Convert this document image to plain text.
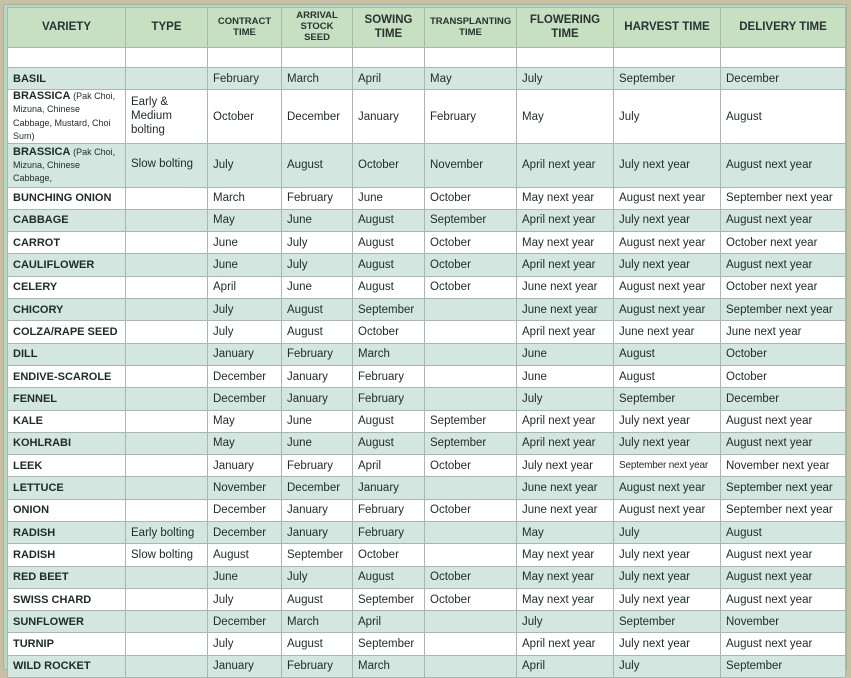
VARIETY	TYPE	CONTRACT TIME	ARRIVAL STOCK SEED	SOWING TIME	TRANSPLANTING TIME	FLOWERING TIME	HARVEST TIME	DELIVERY TIME

BASIL		February	March	April	May	July	September	December
BRASSICA (Pak Choi, Mizuna, Chinese Cabbage, Mustard, Choi Sum)	Early & Medium bolting	October	December	January	February	May	July	August
BRASSICA (Pak Choi, Mizuna, Chinese Cabbage,	Slow bolting	July	August	October	November	April next year	July next year	August next year
BUNCHING ONION		March	February	June	October	May next year	August next year	September next year
CABBAGE		May	June	August	September	April next year	July next year	August next year
CARROT		June	July	August	October	May next year	August next year	October next year
CAULIFLOWER		June	July	August	October	April next year	July next year	August next year
CELERY		April	June	August	October	June next year	August next year	October next year
CHICORY		July	August	September		June next year	August next year	September next year
COLZA/RAPE SEED		July	August	October		April next year	June next year	June next year
DILL		January	February	March		June	August	October
ENDIVE-SCAROLE		December	January	February		June	August	October
FENNEL		December	January	February		July	September	December
KALE		May	June	August	September	April next year	July next year	August next year
KOHLRABI		May	June	August	September	April next year	July next year	August next year
LEEK		January	February	April	October	July next year	September next year	November next year
LETTUCE		November	December	January		June next year	August next year	September next year
ONION		December	January	February	October	June next year	August next year	September next year
RADISH	Early bolting	December	January	February		May	July	August
RADISH	Slow bolting	August	September	October		May next year	July next year	August next year
RED BEET		June	July	August	October	May next year	July next year	August next year
SWISS CHARD		July	August	September	October	May next year	July next year	August next year
SUNFLOWER		December	March	April		July	September	November
TURNIP		July	August	September		April next year	July next year	August next year
WILD ROCKET		January	February	March		April	July	September
